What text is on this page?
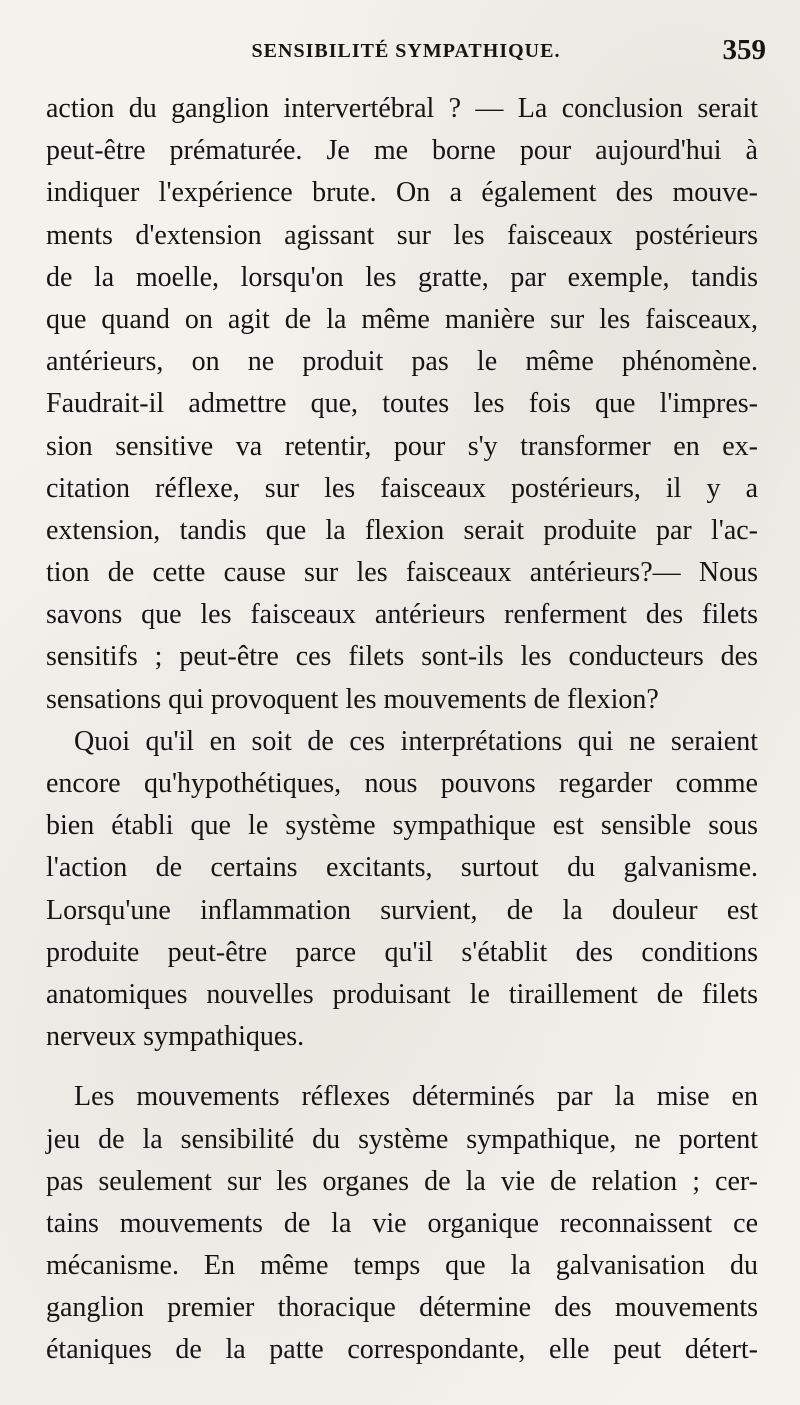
SENSIBILITÉ SYMPATHIQUE.	359
action du ganglion intervertébral ? — La conclusion serait
peut-être prématurée. Je me borne pour aujourd'hui à
indiquer l'expérience brute. On a également des mouve-
ments d'extension agissant sur les faisceaux postérieurs
de la moelle, lorsqu'on les gratte, par exemple, tandis
que quand on agit de la même manière sur les faisceaux,
antérieurs, on ne produit pas le même phénomène.
Faudrait-il admettre que, toutes les fois que l'impres-
sion sensitive va retentir, pour s'y transformer en ex-
citation réflexe, sur les faisceaux postérieurs, il y a
extension, tandis que la flexion serait produite par l'ac-
tion de cette cause sur les faisceaux antérieurs?— Nous
savons que les faisceaux antérieurs renferment des filets
sensitifs ; peut-être ces filets sont-ils les conducteurs des
sensations qui provoquent les mouvements de flexion?
Quoi qu'il en soit de ces interprétations qui ne seraient
encore qu'hypothétiques, nous pouvons regarder comme
bien établi que le système sympathique est sensible sous
l'action de certains excitants, surtout du galvanisme.
Lorsqu'une inflammation survient, de la douleur est
produite peut-être parce qu'il s'établit des conditions
anatomiques nouvelles produisant le tiraillement de filets
nerveux sympathiques.
Les mouvements réflexes déterminés par la mise en
jeu de la sensibilité du système sympathique, ne portent
pas seulement sur les organes de la vie de relation ; cer-
tains mouvements de la vie organique reconnaissent ce
mécanisme. En même temps que la galvanisation du
ganglion premier thoracique détermine des mouvements
étaniques de la patte correspondante, elle peut détert-
